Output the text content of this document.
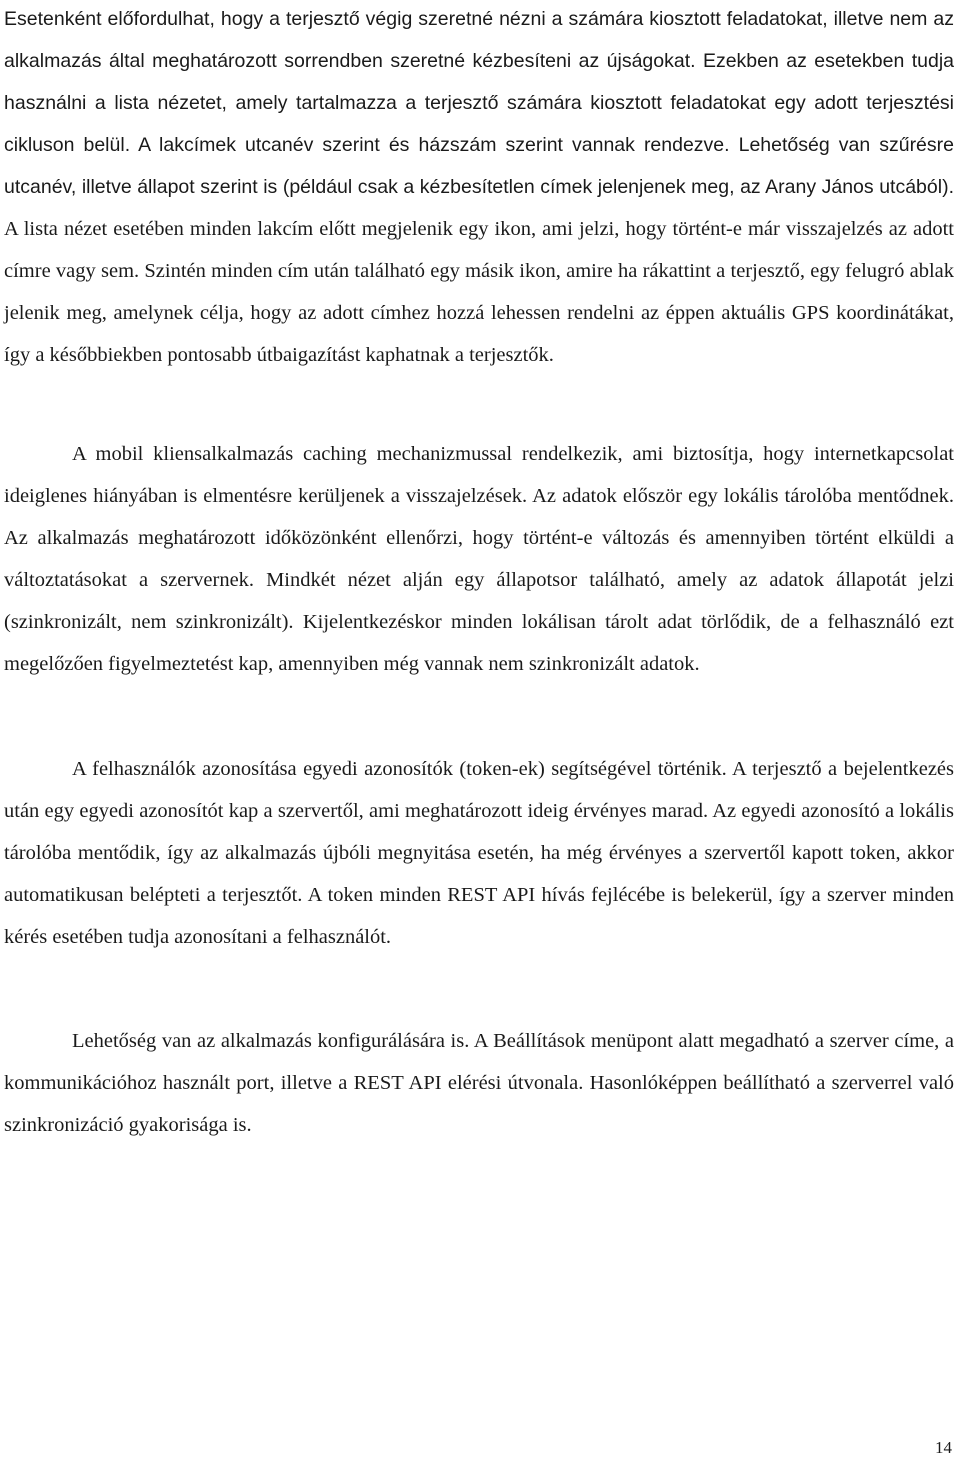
Esetenként előfordulhat, hogy a terjesztő végig szeretné nézni a számára kiosztott feladatokat, illetve nem az alkalmazás által meghatározott sorrendben szeretné kézbesíteni az újságokat. Ezekben az esetekben tudja használni a lista nézetet, amely tartalmazza a terjesztő számára kiosztott feladatokat egy adott terjesztési cikluson belül. A lakcímek utcanév szerint és házszám szerint vannak rendezve. Lehetőség van szűrésre utcanév, illetve állapot szerint is (például csak a kézbesítetlen címek jelenjenek meg, az Arany János utcából). A lista nézet esetében minden lakcím előtt megjelenik egy ikon, ami jelzi, hogy történt-e már visszajelzés az adott címre vagy sem. Szintén minden cím után található egy másik ikon, amire ha rákattint a terjesztő, egy felugró ablak jelenik meg, amelynek célja, hogy az adott címhez hozzá lehessen rendelni az éppen aktuális GPS koordinátákat, így a későbbiekben pontosabb útbaigazítást kaphatnak a terjesztők.

A mobil kliensalkalmazás caching mechanizmussal rendelkezik, ami biztosítja, hogy internetkapcsolat ideiglenes hiányában is elmentésre kerüljenek a visszajelzések. Az adatok először egy lokális tárolóba mentődnek. Az alkalmazás meghatározott időközönként ellenőrzi, hogy történt-e változás és amennyiben történt elküldi a változtatásokat a szervernek. Mindkét nézet alján egy állapotsor található, amely az adatok állapotát jelzi (szinkronizált, nem szinkronizált). Kijelentkezéskor minden lokálisan tárolt adat törlődik, de a felhasználó ezt megelőzően figyelmeztetést kap, amennyiben még vannak nem szinkronizált adatok.

A felhasználók azonosítása egyedi azonosítók (token-ek) segítségével történik. A terjesztő a bejelentkezés után egy egyedi azonosítót kap a szervertől, ami meghatározott ideig érvényes marad. Az egyedi azonosító a lokális tárolóba mentődik, így az alkalmazás újbóli megnyitása esetén, ha még érvényes a szervertől kapott token, akkor automatikusan belépteti a terjesztőt. A token minden REST API hívás fejlécébe is belekerül, így a szerver minden kérés esetében tudja azonosítani a felhasználót.

Lehetőség van az alkalmazás konfigurálására is. A Beállítások menüpont alatt megadható a szerver címe, a kommunikációhoz használt port, illetve a REST API elérési útvonala. Hasonlóképpen beállítható a szerverrel való szinkronizáció gyakorisága is.

14
